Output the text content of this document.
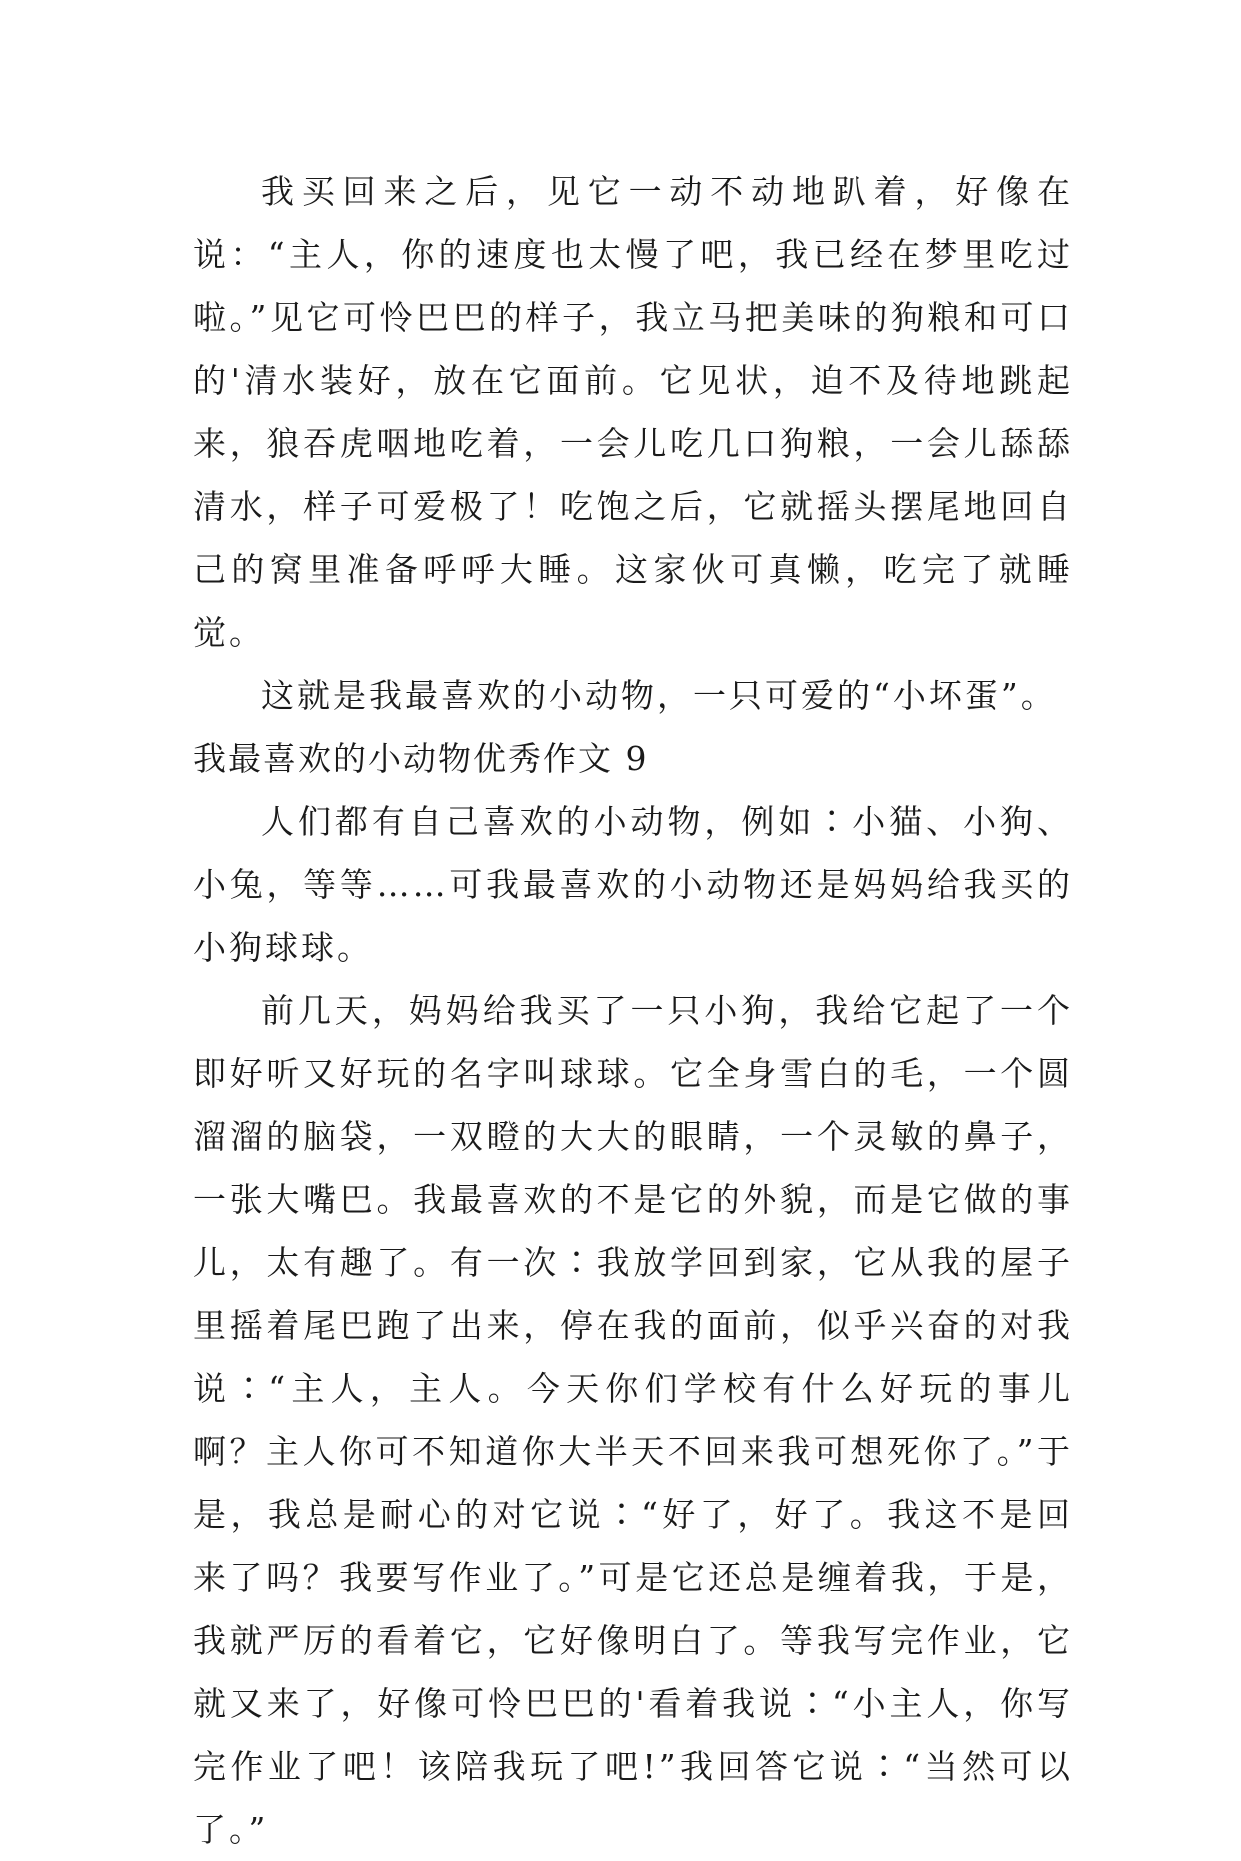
我买回来之后，见它一动不动地趴着，好像在说：“主人，你的速度也太慢了吧，我已经在梦里吃过啦。”见它可怜巴巴的样子，我立马把美味的狗粮和可口的'清水装好，放在它面前。它见状，迫不及待地跳起来，狼吞虎咽地吃着，一会儿吃几口狗粮，一会儿舔舔清水，样子可爱极了！吃饱之后，它就摇头摆尾地回自己的窝里准备呼呼大睡。这家伙可真懒，吃完了就睡觉。

这就是我最喜欢的小动物，一只可爱的“小坏蛋”。

我最喜欢的小动物优秀作文 9

人们都有自己喜欢的小动物，例如∶小猫、小狗、小兔，等等……可我最喜欢的小动物还是妈妈给我买的小狗球球。

前几天，妈妈给我买了一只小狗，我给它起了一个即好听又好玩的名字叫球球。它全身雪白的毛，一个圆溜溜的脑袋，一双瞪的大大的眼睛，一个灵敏的鼻子，一张大嘴巴。我最喜欢的不是它的外貌，而是它做的事儿，太有趣了。有一次∶我放学回到家，它从我的屋子里摇着尾巴跑了出来，停在我的面前，似乎兴奋的对我说∶“主人，主人。今天你们学校有什么好玩的事儿啊？主人你可不知道你大半天不回来我可想死你了。”于是，我总是耐心的对它说∶“好了，好了。我这不是回来了吗？我要写作业了。”可是它还总是缠着我，于是，我就严厉的看着它，它好像明白了。等我写完作业，它就又来了，好像可怜巴巴的'看着我说∶“小主人，你写完作业了吧！该陪我玩了吧!”我回答它说∶“当然可以了。”
